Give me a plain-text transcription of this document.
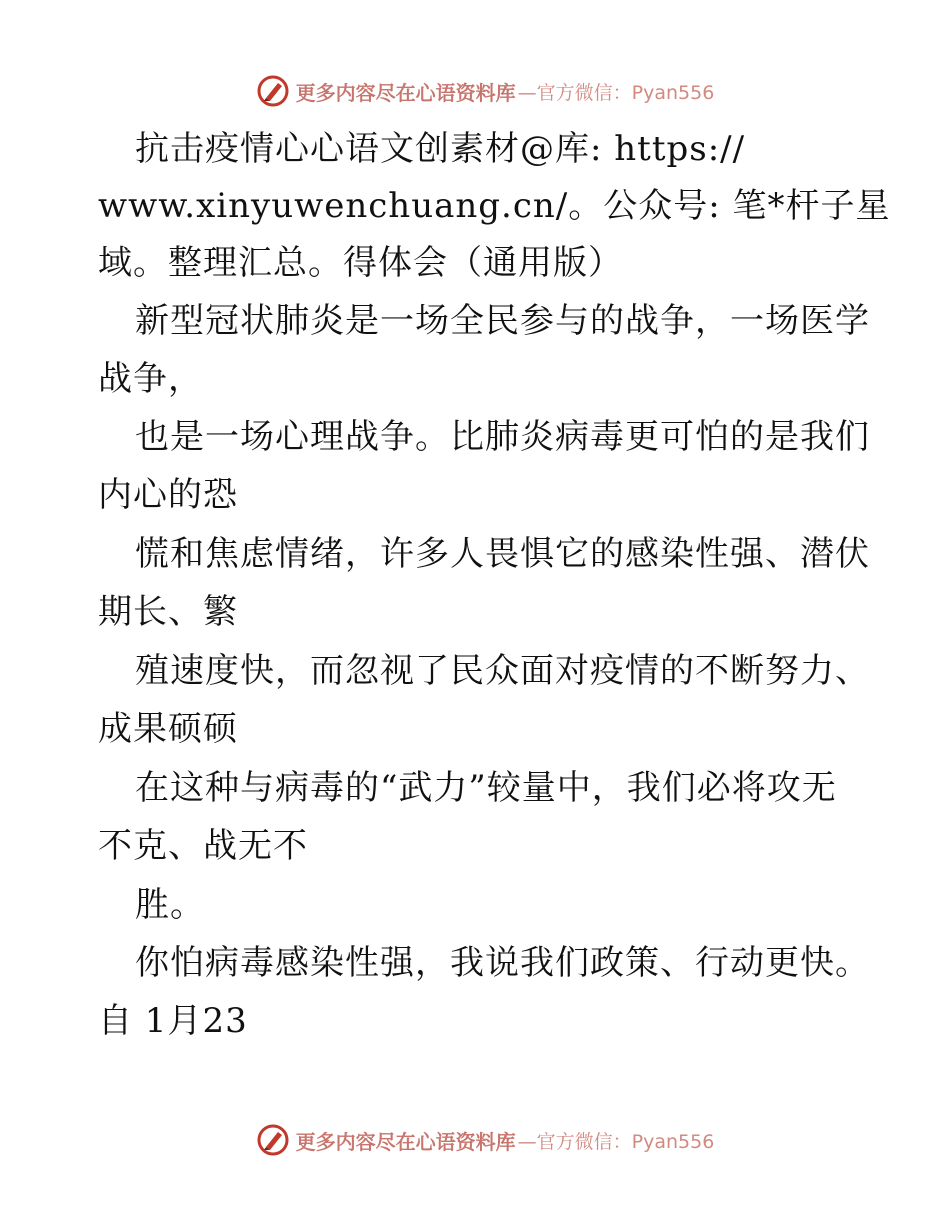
更多内容尽在心语资料库 —官方微信：Pyan556
抗击疫情心心语文创素材@库: https://
www.xinyuwenchuang.cn/。公众号: 笔*杆子星
域。整理汇总。得体会（通用版）
新型冠状肺炎是一场全民参与的战争，一场医学
战争，
也是一场心理战争。比肺炎病毒更可怕的是我们
内心的恐
慌和焦虑情绪，许多人畏惧它的感染性强、潜伏
期长、繁
殖速度快，而忽视了民众面对疫情的不断努力、
成果硕硕
在这种与病毒的“武力”较量中，我们必将攻无
不克、战无不
胜。
你怕病毒感染性强，我说我们政策、行动更快。
自 1月23
更多内容尽在心语资料库 —官方微信：Pyan556
